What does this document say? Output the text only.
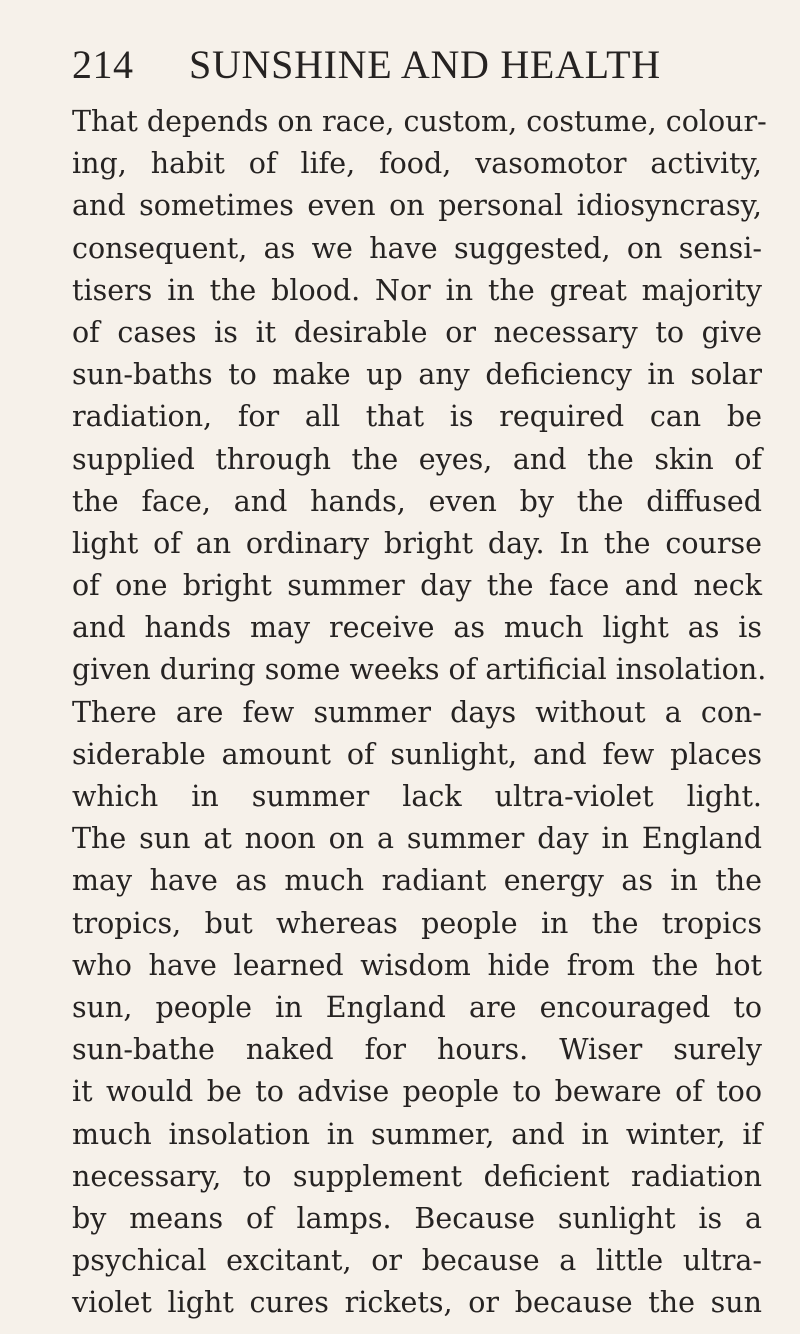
214 SUNSHINE AND HEALTH
That depends on race, custom, costume, colour-
ing, habit of life, food, vasomotor activity,
and sometimes even on personal idiosyncrasy,
consequent, as we have suggested, on sensi-
tisers in the blood. Nor in the great majority
of cases is it desirable or necessary to give
sun-baths to make up any deficiency in solar
radiation, for all that is required can be
supplied through the eyes, and the skin of
the face, and hands, even by the diffused
light of an ordinary bright day. In the course
of one bright summer day the face and neck
and hands may receive as much light as is
given during some weeks of artificial insolation.
There are few summer days without a con-
siderable amount of sunlight, and few places
which in summer lack ultra-violet light.
The sun at noon on a summer day in England
may have as much radiant energy as in the
tropics, but whereas people in the tropics
who have learned wisdom hide from the hot
sun, people in England are encouraged to
sun-bathe naked for hours. Wiser surely
it would be to advise people to beware of too
much insolation in summer, and in winter, if
necessary, to supplement deficient radiation
by means of lamps. Because sunlight is a
psychical excitant, or because a little ultra-
violet light cures rickets, or because the sun
